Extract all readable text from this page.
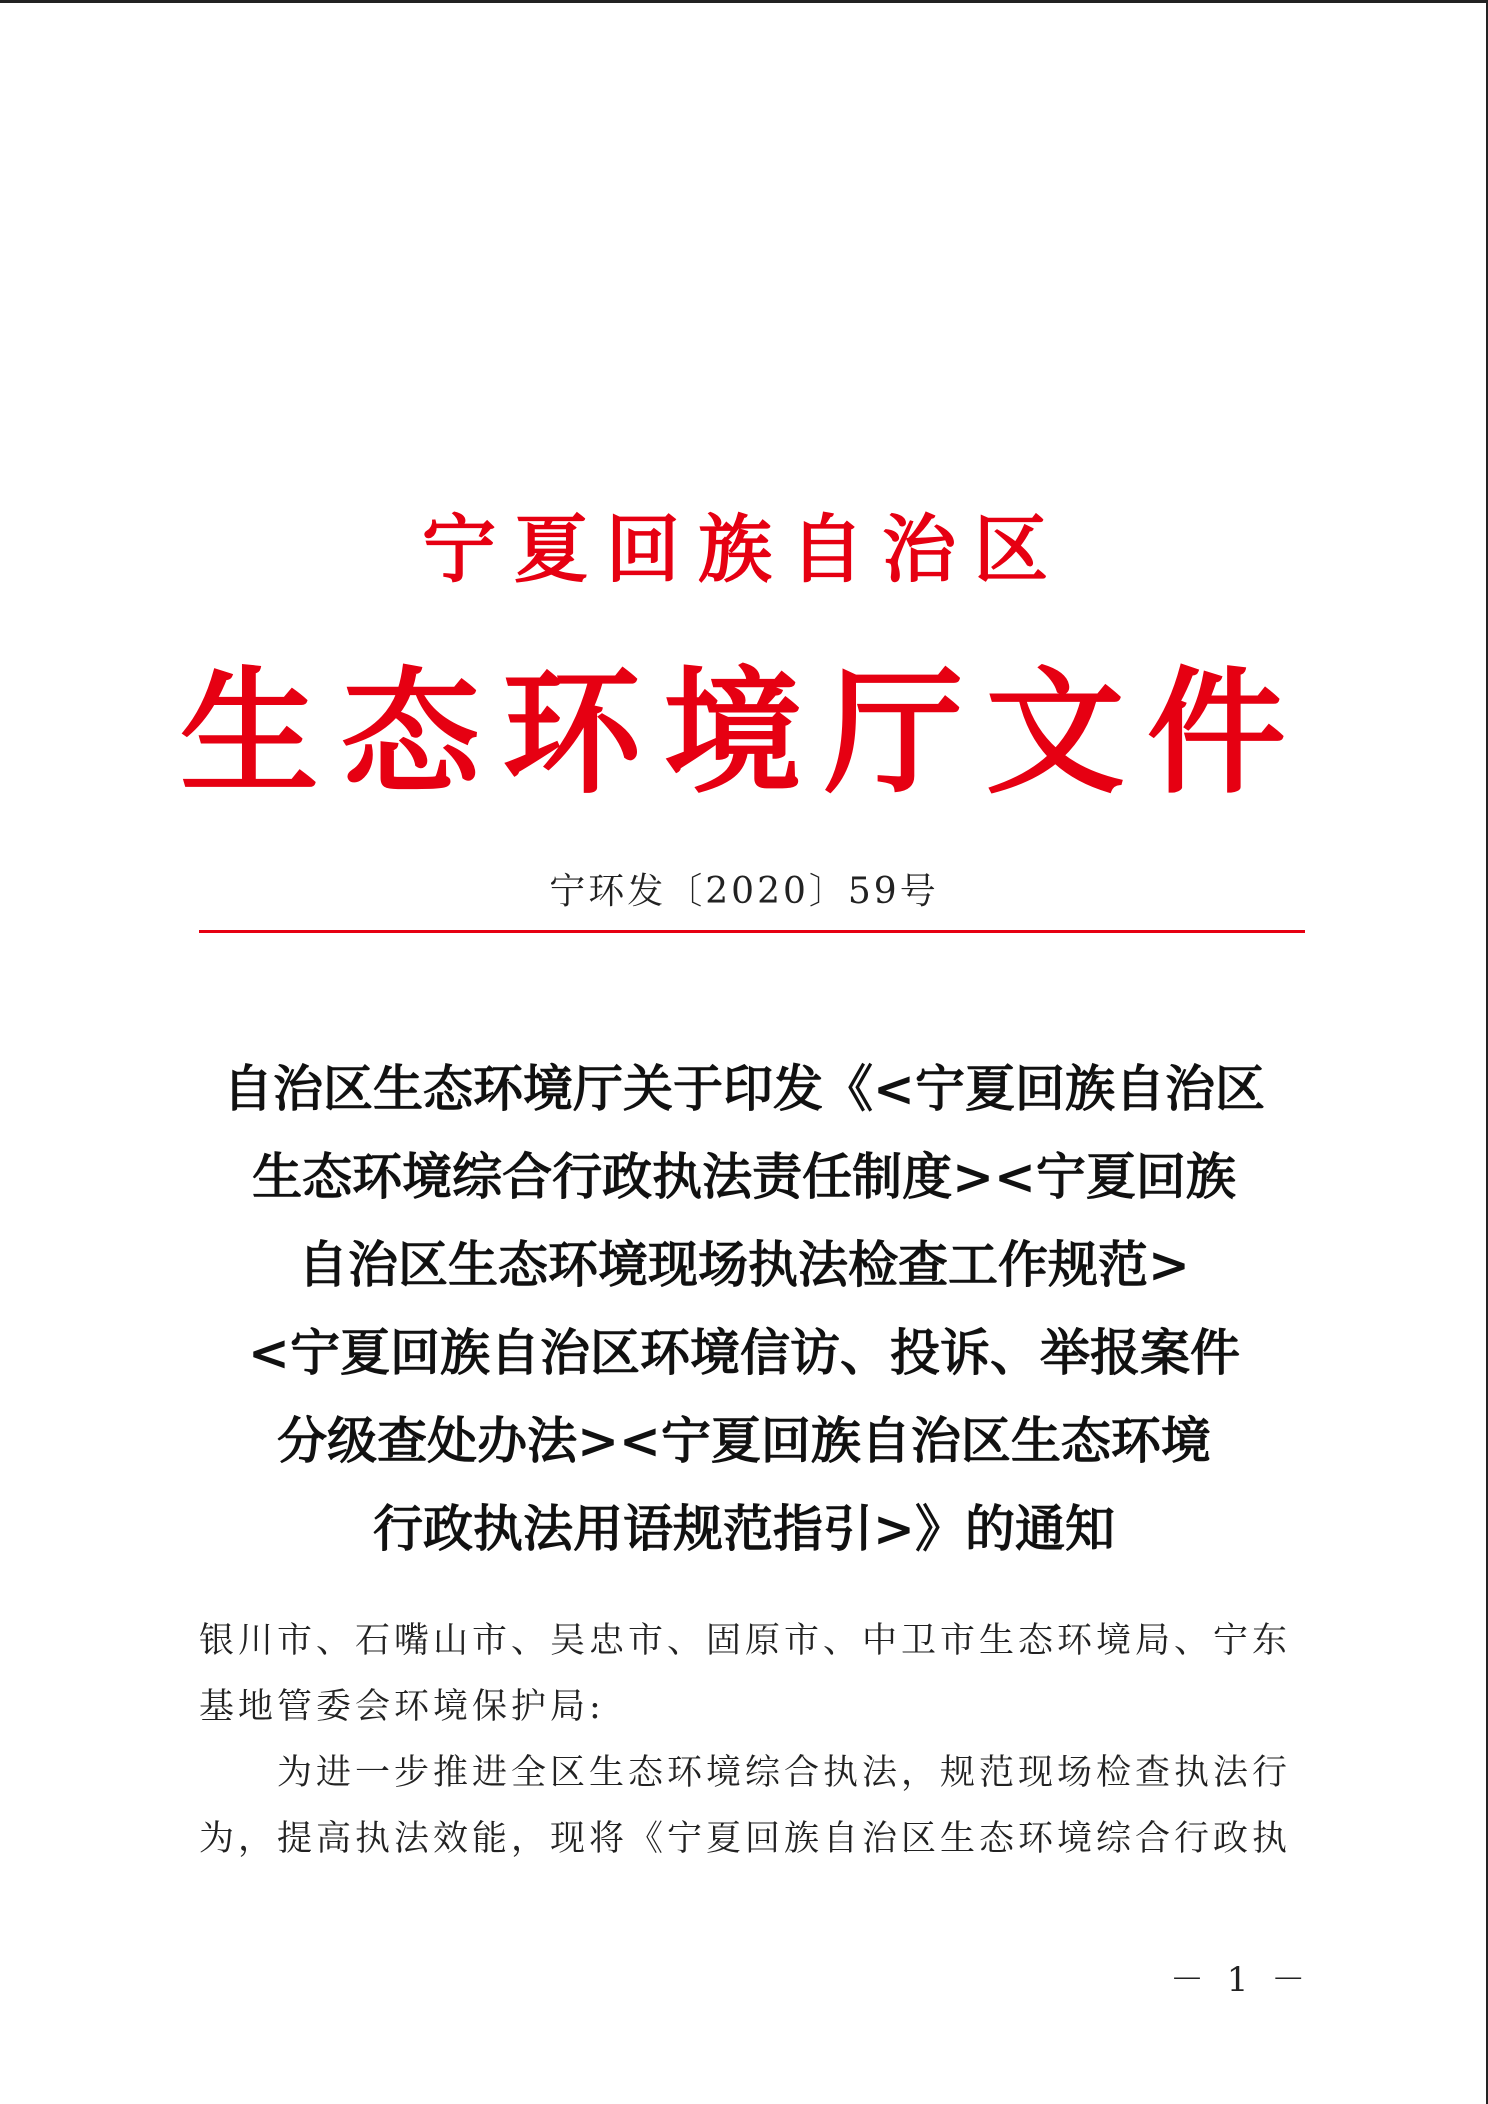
宁夏回族自治区
生态环境厅文件
宁环发〔2020〕59号
自治区生态环境厅关于印发《<宁夏回族自治区
生态环境综合行政执法责任制度><宁夏回族
自治区生态环境现场执法检查工作规范>
<宁夏回族自治区环境信访、投诉、举报案件
分级查处办法><宁夏回族自治区生态环境
行政执法用语规范指引>》的通知
银川市、石嘴山市、吴忠市、固原市、中卫市生态环境局、宁东
基地管委会环境保护局:
为进一步推进全区生态环境综合执法，规范现场检查执法行
为，提高执法效能，现将《宁夏回族自治区生态环境综合行政执
－ 1 －
